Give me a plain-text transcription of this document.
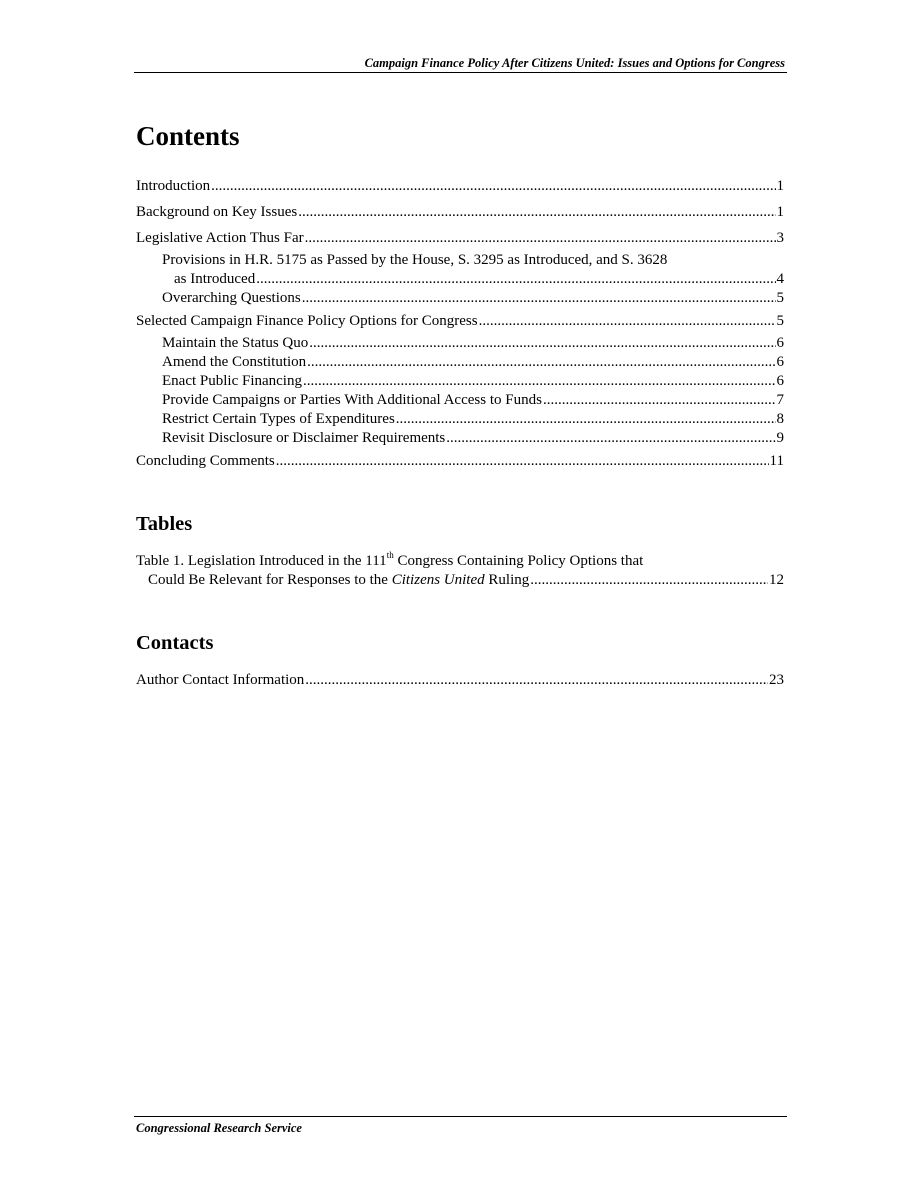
Campaign Finance Policy After Citizens United: Issues and Options for Congress
Contents
Introduction .....	1
Background on Key Issues .....	1
Legislative Action Thus Far .....	3
Provisions in H.R. 5175 as Passed by the House, S. 3295 as Introduced, and S. 3628
as Introduced .....	4
Overarching Questions .....	5
Selected Campaign Finance Policy Options for Congress .....	5
Maintain the Status Quo .....	6
Amend the Constitution .....	6
Enact Public Financing .....	6
Provide Campaigns or Parties With Additional Access to Funds .....	7
Restrict Certain Types of Expenditures .....	8
Revisit Disclosure or Disclaimer Requirements .....	9
Concluding Comments .....	11
Tables
Table 1. Legislation Introduced in the 111th Congress Containing Policy Options that
Could Be Relevant for Responses to the Citizens United Ruling .....	12
Contacts
Author Contact Information .....	23
Congressional Research Service
